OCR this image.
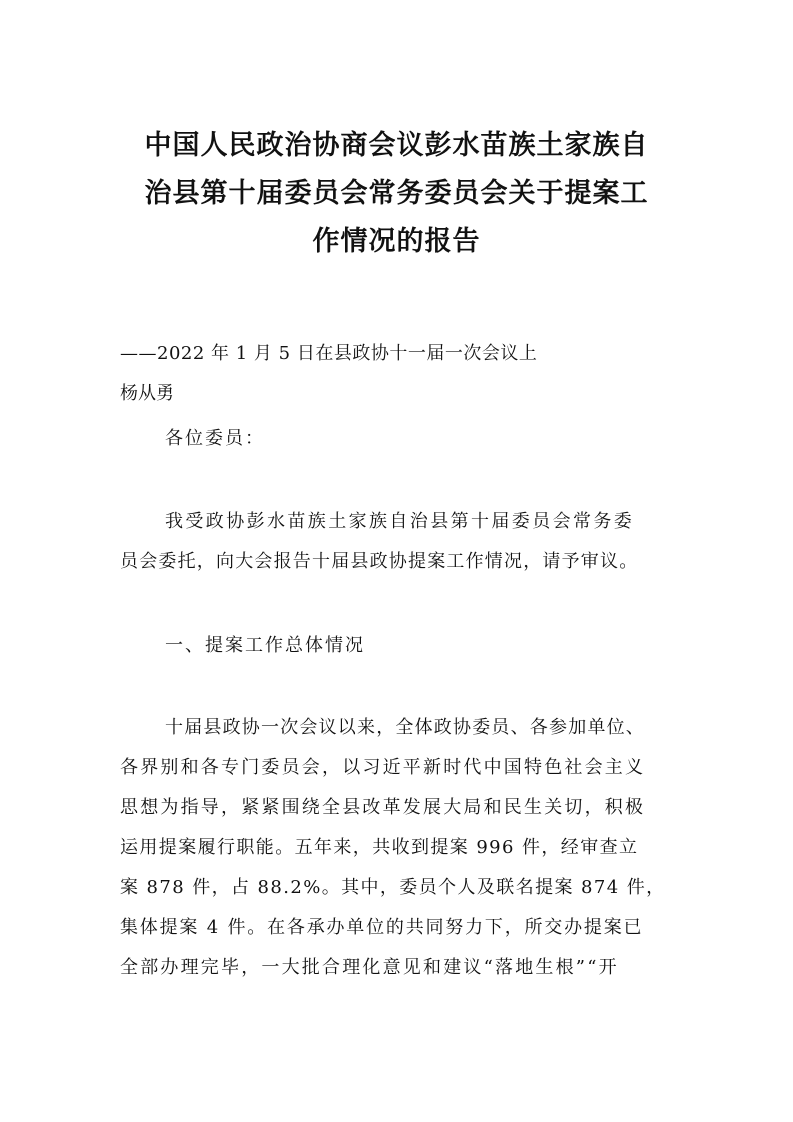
中国人民政治协商会议彭水苗族土家族自
治县第十届委员会常务委员会关于提案工
作情况的报告
——2022 年 1 月 5 日在县政协十一届一次会议上
杨从勇
各位委员：
我受政协彭水苗族土家族自治县第十届委员会常务委
员会委托，向大会报告十届县政协提案工作情况，请予审议。
一、提案工作总体情况
十届县政协一次会议以来，全体政协委员、各参加单位、
各界别和各专门委员会，以习近平新时代中国特色社会主义
思想为指导，紧紧围绕全县改革发展大局和民生关切，积极
运用提案履行职能。五年来，共收到提案 996 件，经审查立
案 878 件，占 88.2%。其中，委员个人及联名提案 874 件，
集体提案 4 件。在各承办单位的共同努力下，所交办提案已
全部办理完毕，一大批合理化意见和建议“落地生根”“开
